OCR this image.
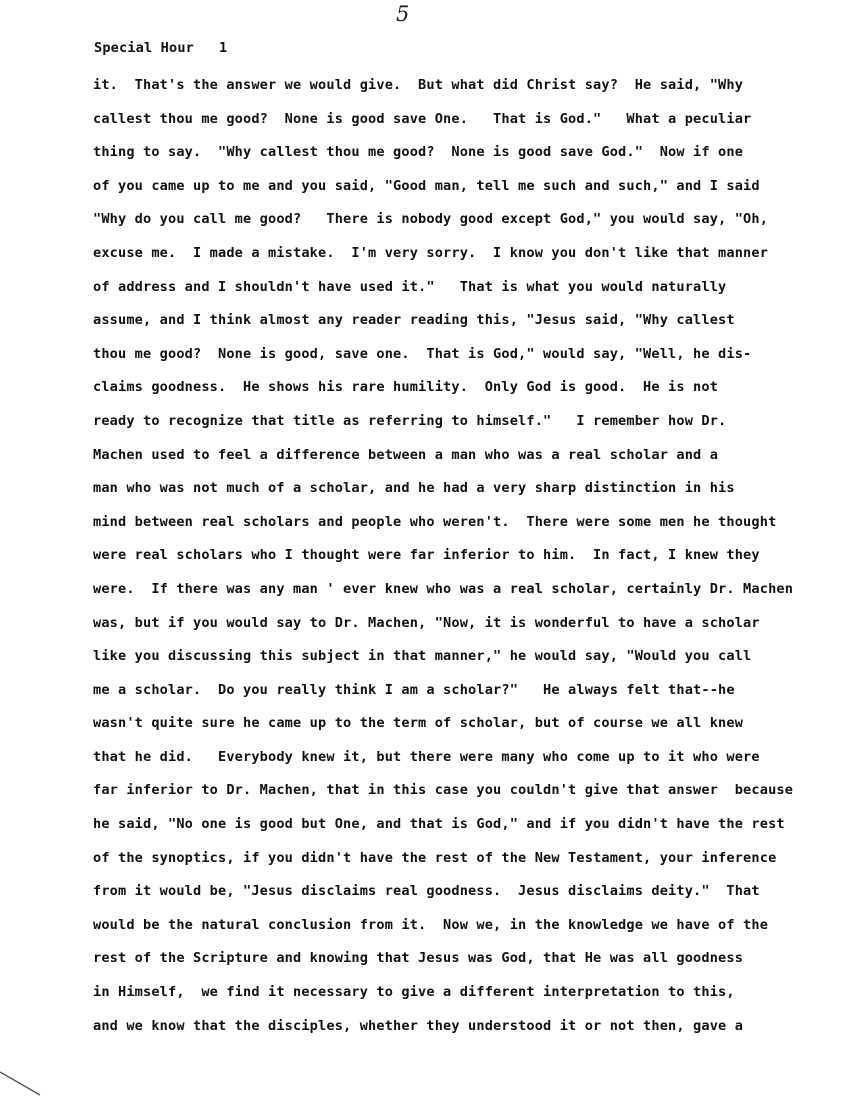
5
Special Hour   1
it.  That's the answer we would give.  But what did Christ say?  He said, "Why
callest thou me good?  None is good save One.   That is God."   What a peculiar
thing to say.  "Why callest thou me good?  None is good save God."  Now if one
of you came up to me and you said, "Good man, tell me such and such," and I said
"Why do you call me good?   There is nobody good except God," you would say, "Oh,
excuse me.  I made a mistake.  I'm very sorry.  I know you don't like that manner
of address and I shouldn't have used it."   That is what you would naturally
assume, and I think almost any reader reading this, "Jesus said, "Why callest
thou me good?  None is good, save one.  That is God," would say, "Well, he dis-
claims goodness.  He shows his rare humility.  Only God is good.  He is not
ready to recognize that title as referring to himself."   I remember how Dr.
Machen used to feel a difference between a man who was a real scholar and a
man who was not much of a scholar, and he had a very sharp distinction in his
mind between real scholars and people who weren't.  There were some men he thought
were real scholars who I thought were far inferior to him.  In fact, I knew they
were.  If there was any man ' ever knew who was a real scholar, certainly Dr. Machen
was, but if you would say to Dr. Machen, "Now, it is wonderful to have a scholar
like you discussing this subject in that manner," he would say, "Would you call
me a scholar.  Do you really think I am a scholar?"   He always felt that--he
wasn't quite sure he came up to the term of scholar, but of course we all knew
that he did.   Everybody knew it, but there were many who come up to it who were
far inferior to Dr. Machen, that in this case you couldn't give that answer  because
he said, "No one is good but One, and that is God," and if you didn't have the rest
of the synoptics, if you didn't have the rest of the New Testament, your inference
from it would be, "Jesus disclaims real goodness.  Jesus disclaims deity."  That
would be the natural conclusion from it.  Now we, in the knowledge we have of the
rest of the Scripture and knowing that Jesus was God, that He was all goodness
in Himself,  we find it necessary to give a different interpretation to this,
and we know that the disciples, whether they understood it or not then, gave a
